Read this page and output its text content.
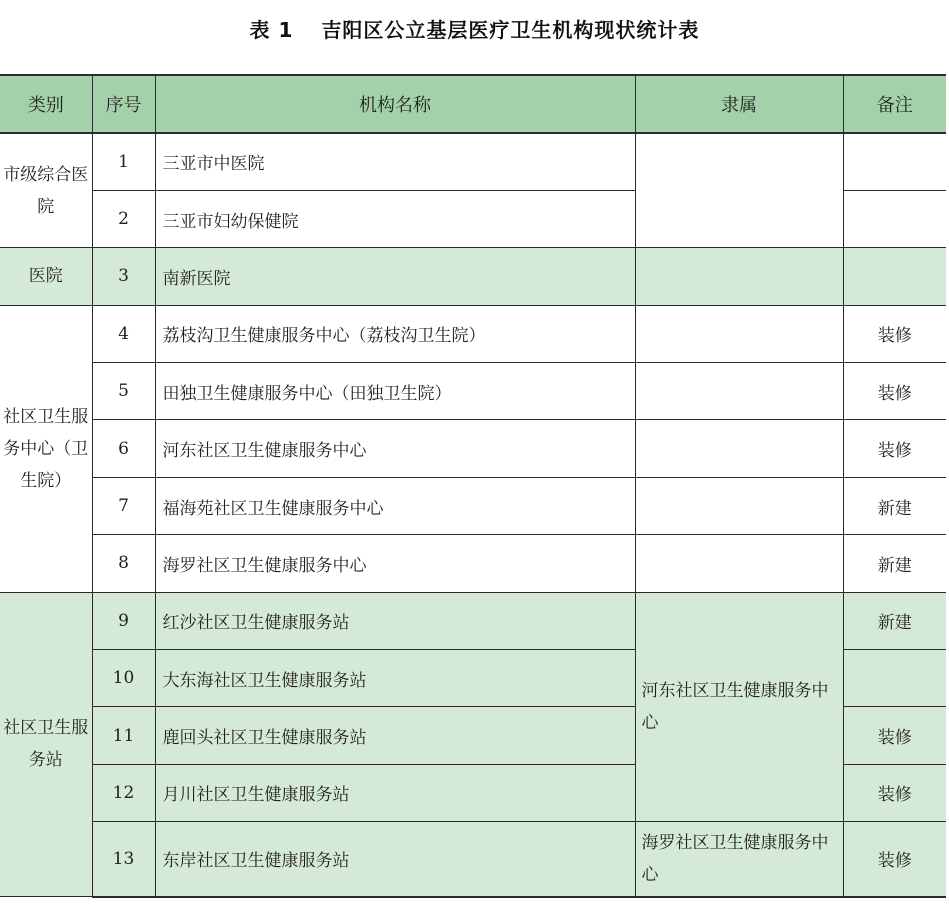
表 1 吉阳区公立基层医疗卫生机构现状统计表
类别	序号	机构名称	隶属	备注
市级综合医院	1	三亚市中医院		
	2	三亚市妇幼保健院		
医院	3	南新医院		
社区卫生服务中心（卫生院）	4	荔枝沟卫生健康服务中心（荔枝沟卫生院）		装修
	5	田独卫生健康服务中心（田独卫生院）		装修
	6	河东社区卫生健康服务中心		装修
	7	福海苑社区卫生健康服务中心		新建
	8	海罗社区卫生健康服务中心		新建
社区卫生服务站	9	红沙社区卫生健康服务站	河东社区卫生健康服务中心	新建
	10	大东海社区卫生健康服务站		
	11	鹿回头社区卫生健康服务站		装修
	12	月川社区卫生健康服务站		装修
	13	东岸社区卫生健康服务站	海罗社区卫生健康服务中心	装修
